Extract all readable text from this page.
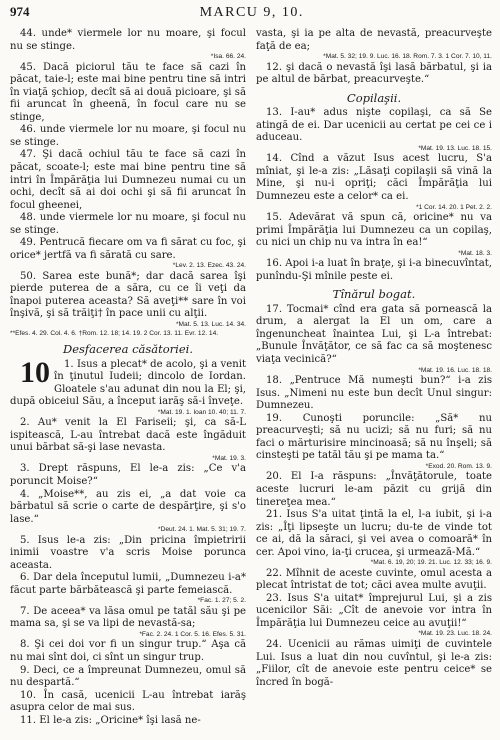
974	MARCU 9, 10.

44. unde* viermele lor nu moare, şi focul nu se stinge.

*Isa. 66. 24.

45. Dacă piciorul tău te face să cazi în păcat, taie-l; este mai bine pentru tine să intri în viaţă şchiop, decît să ai două picioare, şi să fii aruncat în gheenă, în focul care nu se stinge,

46. unde viermele lor nu moare, şi focul nu se stinge.

47. Şi dacă ochiul tău te face să cazi în păcat, scoate-l; este mai bine pentru tine să intri în Împărăţia lui Dumnezeu numai cu un ochi, decît să ai doi ochi şi să fii aruncat în focul gheenei,

48. unde viermele lor nu moare, şi focul nu se stinge.

49. Pentrucă fiecare om va fi sărat cu foc, şi orice* jertfă va fi sărată cu sare.

*Lev. 2. 13. Ezec. 43. 24.

50. Sarea este bună*; dar dacă sarea îşi pierde puterea de a săra, cu ce îi veţi da înapoi puterea aceasta? Să aveţi** sare în voi înşivă, şi să trăiţi† în pace unii cu alţii.

*Mat. 5. 13. Luc. 14. 34.
**Efes. 4. 29. Col. 4. 6. †Rom. 12. 18; 14. 19. 2 Cor. 13. 11. Evr. 12. 14.
Desfacerea căsătoriei.

10 1. Isus a plecat* de acolo, şi a venit în ţinutul Iudeii; dincolo de Iordan. Gloatele s'au adunat din nou la El; şi, după obiceiul Său, a început iarăş să-i înveţe.

*Mat. 19. 1. Ioan 10. 40; 11. 7.

2. Au* venit la El Fariseii; şi, ca să-L ispitească, L-au întrebat dacă este îngăduit unui bărbat să-şi lase nevasta.

*Mat. 19. 3.

3. Drept răspuns, El le-a zis: „Ce v'a poruncit Moise?“

4. „Moise**, au zis ei, „a dat voie ca bărbatul să scrie o carte de despărţire, şi s'o lase.“

*Deut. 24. 1. Mat. 5. 31; 19. 7.

5. Isus le-a zis: „Din pricina împietririi inimii voastre v'a scris Moise porunca aceasta.

6. Dar dela începutul lumii, „Dumnezeu i-a* făcut parte bărbătească şi parte femeiască.

*Fac. 1. 27; 5. 2.

7. De aceea* va lăsa omul pe tatăl său şi pe mama sa, şi se va lipi de nevastă-sa;

*Fac. 2. 24. 1 Cor. 5. 16. Efes. 5. 31.

8. Şi cei doi vor fi un singur trup.“ Aşa că nu mai sînt doi, ci sînt un singur trup.

9. Deci, ce a împreunat Dumnezeu, omul să nu despartă.“

10. În casă, ucenicii L-au întrebat iarăş asupra celor de mai sus.

11. El le-a zis: „Oricine* îşi lasă ne-

vasta, şi ia pe alta de nevastă, preacurveşte faţă de ea;

*Mat. 5. 32; 19. 9. Luc. 16. 18. Rom. 7. 3. 1 Cor. 7. 10, 11.

12. şi dacă o nevastă îşi lasă bărbatul, şi ia pe altul de bărbat, preacurveşte.“

Copilaşii.

13. I-au* adus nişte copilaşi, ca să Se atingă de ei. Dar ucenicii au certat pe cei ce i aduceau.

*Mat. 19. 13. Luc. 18. 15.

14. Cînd a văzut Isus acest lucru, S'a mîniat, şi le-a zis: „Lăsaţi copilaşii să vină la Mine, şi nu-i opriţi; căci Împărăţia lui Dumnezeu este a celor* ca ei.

*1 Cor. 14. 20. 1 Pet. 2. 2.

15. Adevărat vă spun că, oricine* nu va primi Împărăţia lui Dumnezeu ca un copilaş, cu nici un chip nu va intra în ea!“

*Mat. 18. 3.

16. Apoi i-a luat în braţe, şi i-a binecuvîntat, punîndu-Şi mînile peste ei.

Tînărul bogat.

17. Tocmai* cînd era gata să pornească la drum, a alergat la El un om, care a îngenuncheat înaintea Lui, şi L-a întrebat: „Bunule Învăţător, ce să fac ca să moştenesc viaţa vecinică?“

*Mat. 19. 16. Luc. 18. 18.

18. „Pentruce Mă numeşti bun?“ i-a zis Isus. „Nimeni nu este bun decît Unul singur: Dumnezeu.

19. Cunoşti poruncile: „Să* nu preacurveşti; să nu ucizi; să nu furi; să nu faci o mărturisire mincinoasă; să nu înşeli; să cinsteşti pe tatăl tău şi pe mama ta.“

*Exod. 20. Rom. 13. 9.

20. El I-a răspuns: „Învăţătorule, toate aceste lucruri le-am păzit cu grijă din tinereţea mea.“

21. Isus S'a uitat ţintă la el, l-a iubit, şi i-a zis: „Îţi lipseşte un lucru; du-te de vinde tot ce ai, dă la săraci, şi vei avea o comoară* în cer. Apoi vino, ia-ţi crucea, şi urmează-Mă.“

*Mat. 6. 19, 20; 19. 21. Luc. 12. 33; 16. 9.

22. Mîhnit de aceste cuvinte, omul acesta a plecat întristat de tot; căci avea multe avuţii.

23. Isus S'a uitat* împrejurul Lui, şi a zis ucenicilor Săi: „Cît de anevoie vor intra în Împărăţia lui Dumnezeu ceice au avuţii!“

*Mat. 19. 23. Luc. 18. 24.

24. Ucenicii au rămas uimiţi de cuvintele Lui. Isus a luat din nou cuvîntul, şi le-a zis: „Fiilor, cît de anevoie este pentru ceice* se încred în bogă-
